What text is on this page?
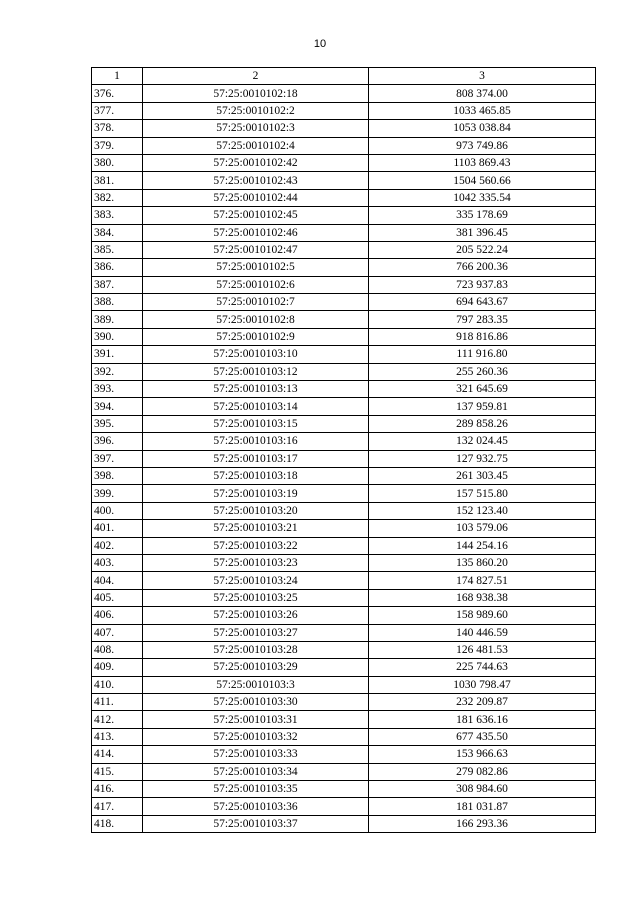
10
1	2	3
376.	57:25:0010102:18	808 374.00
377.	57:25:0010102:2	1033 465.85
378.	57:25:0010102:3	1053 038.84
379.	57:25:0010102:4	973 749.86
380.	57:25:0010102:42	1103 869.43
381.	57:25:0010102:43	1504 560.66
382.	57:25:0010102:44	1042 335.54
383.	57:25:0010102:45	335 178.69
384.	57:25:0010102:46	381 396.45
385.	57:25:0010102:47	205 522.24
386.	57:25:0010102:5	766 200.36
387.	57:25:0010102:6	723 937.83
388.	57:25:0010102:7	694 643.67
389.	57:25:0010102:8	797 283.35
390.	57:25:0010102:9	918 816.86
391.	57:25:0010103:10	111 916.80
392.	57:25:0010103:12	255 260.36
393.	57:25:0010103:13	321 645.69
394.	57:25:0010103:14	137 959.81
395.	57:25:0010103:15	289 858.26
396.	57:25:0010103:16	132 024.45
397.	57:25:0010103:17	127 932.75
398.	57:25:0010103:18	261 303.45
399.	57:25:0010103:19	157 515.80
400.	57:25:0010103:20	152 123.40
401.	57:25:0010103:21	103 579.06
402.	57:25:0010103:22	144 254.16
403.	57:25:0010103:23	135 860.20
404.	57:25:0010103:24	174 827.51
405.	57:25:0010103:25	168 938.38
406.	57:25:0010103:26	158 989.60
407.	57:25:0010103:27	140 446.59
408.	57:25:0010103:28	126 481.53
409.	57:25:0010103:29	225 744.63
410.	57:25:0010103:3	1030 798.47
411.	57:25:0010103:30	232 209.87
412.	57:25:0010103:31	181 636.16
413.	57:25:0010103:32	677 435.50
414.	57:25:0010103:33	153 966.63
415.	57:25:0010103:34	279 082.86
416.	57:25:0010103:35	308 984.60
417.	57:25:0010103:36	181 031.87
418.	57:25:0010103:37	166 293.36
